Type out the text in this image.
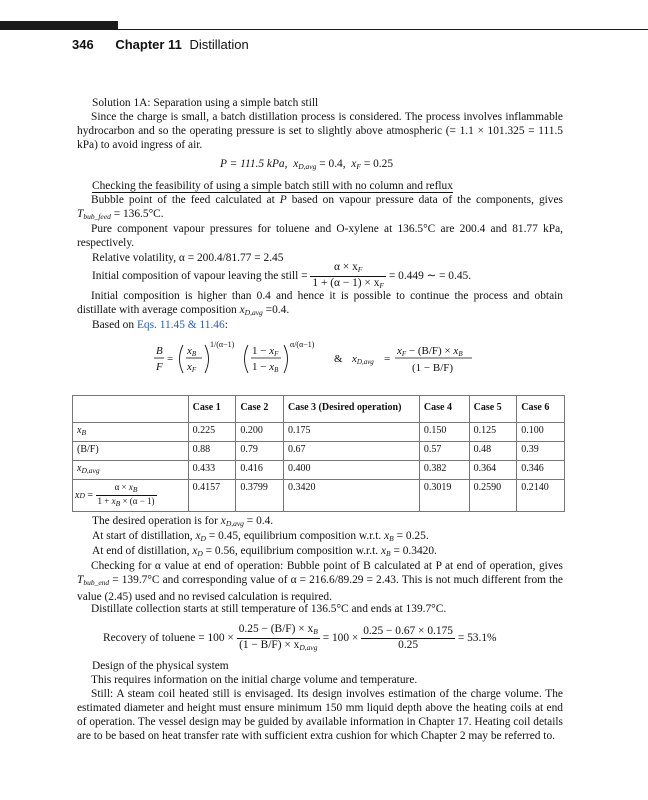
346 Chapter 11 Distillation
Solution 1A: Separation using a simple batch still
Since the charge is small, a batch distillation process is considered. The process involves inflammable hydrocarbon and so the operating pressure is set to slightly above atmospheric (= 1.1 × 101.325 = 111.5 kPa) to avoid ingress of air.
P = 111.5 kPa, $x_{D,avg} = 0.4$, $x_F = 0.25$
Checking the feasibility of using a simple batch still with no column and reflux
Bubble point of the feed calculated at P based on vapour pressure data of the components, gives $T_{bub\_feed} = 136.5^\circ C$.
Pure component vapour pressures for toluene and O-xylene at 136.5°C are 200.4 and 81.77 kPa, respectively.
Relative volatility, α = 200.4/81.77 = 2.45
Initial composition of vapour leaving the still = $\frac{\alpha \times x_F}{1 + (\alpha - 1) \times x_F} = 0.449$ ∼ = 0.45.
Initial composition is higher than 0.4 and hence it is possible to continue the process and obtain distillate with average composition $x_{D,avg} =0.4$.
Based on Eqs. 11.45 & 11.46:
B
F
=
xB
xF
1/(α−1)
1 − xF
1 − xB
α/(α−1)
& xD,avg =
xF − (B/F) × xB
(1 − B/F)
	Case 1	Case 2	Case 3 (Desired operation)	Case 4	Case 5	Case 6
$x_B$	0.225	0.200	0.175	0.150	0.125	0.100
(B/F)	0.88	0.79	0.67	0.57	0.48	0.39
$x_{D,avg}$	0.433	0.416	0.400	0.382	0.364	0.346

x $D = \frac{\alpha \times x_B}{1 + x_B \times (\alpha - 1)}$	0.4157	0.3799	0.3420	0.3019	0.2590	0.2140
The desired operation is for $x_{D,avg} = 0.4$.
At start of distillation, $x_D = 0.45$, equilibrium composition w.r.t. $x_B = 0.25$.
At end of distillation, $x_D = 0.56$, equilibrium composition w.r.t. $x_B = 0.3420$.
Checking for α value at end of operation: Bubble point of B calculated at P at end of operation, gives $T_{bub\_end} = 139.7^\circ C$ and corresponding value of α = 216.6/89.29 = 2.43. This is not much different from the value (2.45) used and no revised calculation is required.
Distillate collection starts at still temperature of 136.5°C and ends at 139.7°C.
Recovery of toluene = $100 \times \frac{0.25 - (B/F) \times x_B}{(1 - B/F) \times x_{D,avg}} = 100 \times \frac{0.25 - 0.67 \times 0.175}{0.25} = 53.1\%$
Design of the physical system
This requires information on the initial charge volume and temperature.
Still: A steam coil heated still is envisaged. Its design involves estimation of the charge volume. The estimated diameter and height must ensure minimum 150 mm liquid depth above the heating coils at end of operation. The vessel design may be guided by available information in Chapter 17. Heating coil details are to be based on heat transfer rate with sufficient extra cushion for which Chapter 2 may be referred to.
